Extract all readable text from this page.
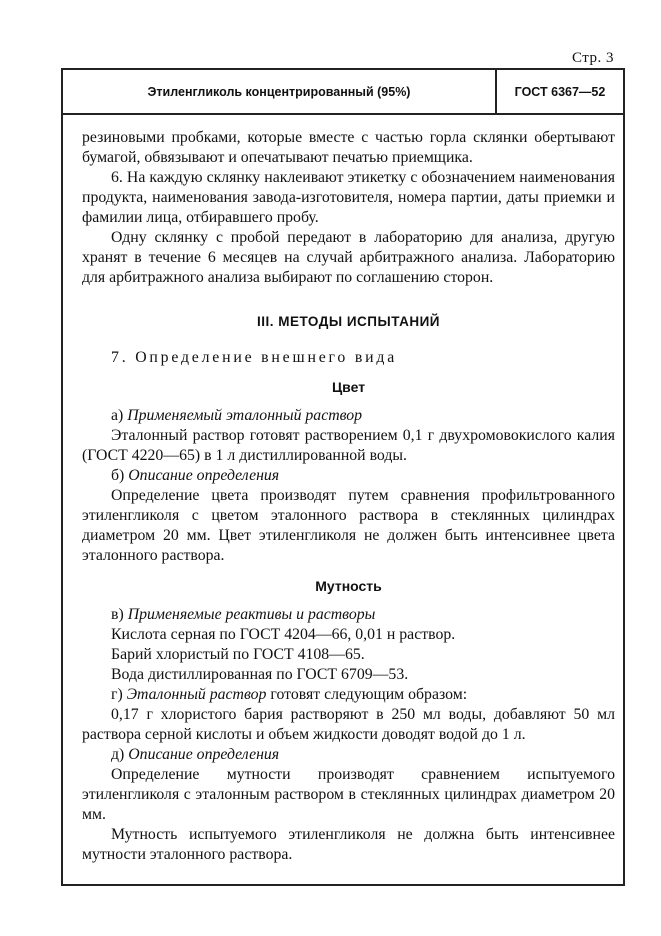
Стр. 3
Этиленгликоль концентрированный (95%)	ГОСТ 6367—52

резиновыми пробками, которые вместе с частью горла склянки обертывают бумагой, обвязывают и опечатывают печатью приемщика.

6. На каждую склянку наклеивают этикетку с обозначением наименования продукта, наименования завода-изготовителя, номера партии, даты приемки и фамилии лица, отбиравшего пробу.

Одну склянку с пробой передают в лабораторию для анализа, другую хранят в течение 6 месяцев на случай арбитражного анализа. Лабораторию для арбитражного анализа выбирают по соглашению сторон.

III. МЕТОДЫ ИСПЫТАНИЙ

7. Определение внешнего вида

Цвет

а) Применяемый эталонный раствор

Эталонный раствор готовят растворением 0,1 г двухромовокислого калия (ГОСТ 4220—65) в 1 л дистиллированной воды.

б) Описание определения

Определение цвета производят путем сравнения профильтрованного этиленгликоля с цветом эталонного раствора в стеклянных цилиндрах диаметром 20 мм. Цвет этиленгликоля не должен быть интенсивнее цвета эталонного раствора.

Мутность

в) Применяемые реактивы и растворы

Кислота серная по ГОСТ 4204—66, 0,01 н раствор.

Барий хлористый по ГОСТ 4108—65.

Вода дистиллированная по ГОСТ 6709—53.

г) Эталонный раствор готовят следующим образом:

0,17 г хлористого бария растворяют в 250 мл воды, добавляют 50 мл раствора серной кислоты и объем жидкости доводят водой до 1 л.

д) Описание определения

Определение мутности производят сравнением испытуемого этиленгликоля с эталонным раствором в стеклянных цилиндрах диаметром 20 мм.

Мутность испытуемого этиленгликоля не должна быть интенсивнее мутности эталонного раствора.
